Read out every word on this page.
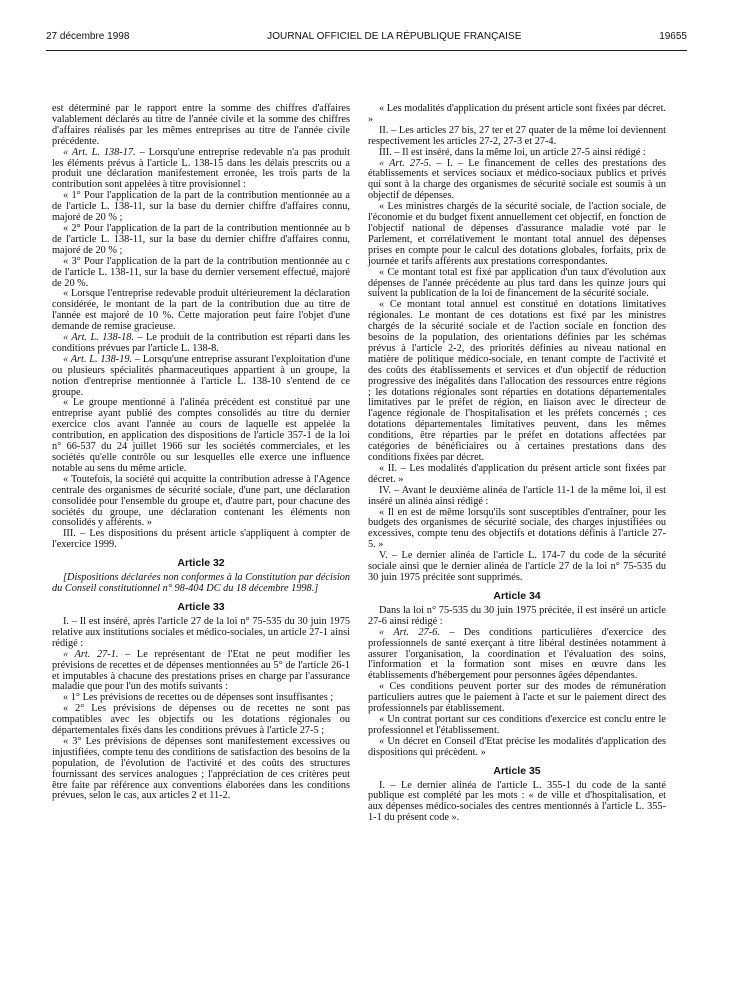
27 décembre 1998	JOURNAL OFFICIEL DE LA RÉPUBLIQUE FRANÇAISE	19655

est déterminé par le rapport entre la somme des chiffres d'affaires valablement déclarés au titre de l'année civile et la somme des chiffres d'affaires réalisés par les mêmes entreprises au titre de l'année civile précédente.

« Art. L. 138-17. – Lorsqu'une entreprise redevable n'a pas produit les éléments prévus à l'article L. 138-15 dans les délais prescrits ou a produit une déclaration manifestement erronée, les trois parts de la contribution sont appelées à titre provisionnel :

« 1° Pour l'application de la part de la contribution mentionnée au a de l'article L. 138-11, sur la base du dernier chiffre d'affaires connu, majoré de 20 % ;

« 2° Pour l'application de la part de la contribution mentionnée au b de l'article L. 138-11, sur la base du dernier chiffre d'affaires connu, majoré de 20 % ;

« 3° Pour l'application de la part de la contribution mentionnée au c de l'article L. 138-11, sur la base du dernier versement effectué, majoré de 20 %.

« Lorsque l'entreprise redevable produit ultérieurement la déclaration considérée, le montant de la part de la contribution due au titre de l'année est majoré de 10 %. Cette majoration peut faire l'objet d'une demande de remise gracieuse.

« Art. L. 138-18. – Le produit de la contribution est réparti dans les conditions prévues par l'article L. 138-8.

« Art. L. 138-19. – Lorsqu'une entreprise assurant l'exploitation d'une ou plusieurs spécialités pharmaceutiques appartient à un groupe, la notion d'entreprise mentionnée à l'article L. 138-10 s'entend de ce groupe.

« Le groupe mentionné à l'alinéa précédent est constitué par une entreprise ayant publié des comptes consolidés au titre du dernier exercice clos avant l'année au cours de laquelle est appelée la contribution, en application des dispositions de l'article 357-1 de la loi n° 66-537 du 24 juillet 1966 sur les sociétés commerciales, et les sociétés qu'elle contrôle ou sur lesquelles elle exerce une influence notable au sens du même article.

« Toutefois, la société qui acquitte la contribution adresse à l'Agence centrale des organismes de sécurité sociale, d'une part, une déclaration consolidée pour l'ensemble du groupe et, d'autre part, pour chacune des sociétés du groupe, une déclaration contenant les éléments non consolidés y afférents. »

III. – Les dispositions du présent article s'appliquent à compter de l'exercice 1999.

Article 32

[Dispositions déclarées non conformes à la Constitution par décision du Conseil constitutionnel n° 98-404 DC du 18 décembre 1998.]

Article 33

I. – Il est inséré, après l'article 27 de la loi n° 75-535 du 30 juin 1975 relative aux institutions sociales et médico-sociales, un article 27-1 ainsi rédigé :

« Art. 27-1. – Le représentant de l'Etat ne peut modifier les prévisions de recettes et de dépenses mentionnées au 5° de l'article 26-1 et imputables à chacune des prestations prises en charge par l'assurance maladie que pour l'un des motifs suivants :

« 1° Les prévisions de recettes ou de dépenses sont insuffisantes ;

« 2° Les prévisions de dépenses ou de recettes ne sont pas compatibles avec les objectifs ou les dotations régionales ou départementales fixés dans les conditions prévues à l'article 27-5 ;

« 3° Les prévisions de dépenses sont manifestement excessives ou injustifiées, compte tenu des conditions de satisfaction des besoins de la population, de l'évolution de l'activité et des coûts des structures fournissant des services analogues ; l'appréciation de ces critères peut être faite par référence aux conventions élaborées dans les conditions prévues, selon le cas, aux articles 2 et 11-2.

« Les modalités d'application du présent article sont fixées par décret. »

II. – Les articles 27 bis, 27 ter et 27 quater de la même loi deviennent respectivement les articles 27-2, 27-3 et 27-4.

III. – Il est inséré, dans la même loi, un article 27-5 ainsi rédigé :

« Art. 27-5. – I. – Le financement de celles des prestations des établissements et services sociaux et médico-sociaux publics et privés qui sont à la charge des organismes de sécurité sociale est soumis à un objectif de dépenses.

« Les ministres chargés de la sécurité sociale, de l'action sociale, de l'économie et du budget fixent annuellement cet objectif, en fonction de l'objectif national de dépenses d'assurance maladie voté par le Parlement, et corrélativement le montant total annuel des dépenses prises en compte pour le calcul des dotations globales, forfaits, prix de journée et tarifs afférents aux prestations correspondantes.

« Ce montant total est fixé par application d'un taux d'évolution aux dépenses de l'année précédente au plus tard dans les quinze jours qui suivent la publication de la loi de financement de la sécurité sociale.

« Ce montant total annuel est constitué en dotations limitatives régionales. Le montant de ces dotations est fixé par les ministres chargés de la sécurité sociale et de l'action sociale en fonction des besoins de la population, des orientations définies par les schémas prévus à l'article 2-2, des priorités définies au niveau national en matière de politique médico-sociale, en tenant compte de l'activité et des coûts des établissements et services et d'un objectif de réduction progressive des inégalités dans l'allocation des ressources entre régions ; les dotations régionales sont réparties en dotations départementales limitatives par le préfet de région, en liaison avec le directeur de l'agence régionale de l'hospitalisation et les préfets concernés ; ces dotations départementales limitatives peuvent, dans les mêmes conditions, être réparties par le préfet en dotations affectées par catégories de bénéficiaires ou à certaines prestations dans des conditions fixées par décret.

« II. – Les modalités d'application du présent article sont fixées par décret. »

IV. – Avant le deuxième alinéa de l'article 11-1 de la même loi, il est inséré un alinéa ainsi rédigé :

« Il en est de même lorsqu'ils sont susceptibles d'entraîner, pour les budgets des organismes de sécurité sociale, des charges injustifiées ou excessives, compte tenu des objectifs et dotations définis à l'article 27-5. »

V. – Le dernier alinéa de l'article L. 174-7 du code de la sécurité sociale ainsi que le dernier alinéa de l'article 27 de la loi n° 75-535 du 30 juin 1975 précitée sont supprimés.

Article 34

Dans la loi n° 75-535 du 30 juin 1975 précitée, il est inséré un article 27-6 ainsi rédigé :

« Art. 27-6. – Des conditions particulières d'exercice des professionnels de santé exerçant à titre libéral destinées notamment à assurer l'organisation, la coordination et l'évaluation des soins, l'information et la formation sont mises en œuvre dans les établissements d'hébergement pour personnes âgées dépendantes.

« Ces conditions peuvent porter sur des modes de rémunération particuliers autres que le paiement à l'acte et sur le paiement direct des professionnels par établissement.

« Un contrat portant sur ces conditions d'exercice est conclu entre le professionnel et l'établissement.

« Un décret en Conseil d'Etat précise les modalités d'application des dispositions qui précèdent. »

Article 35

I. – Le dernier alinéa de l'article L. 355-1 du code de la santé publique est complété par les mots : « de ville et d'hospitalisation, et aux dépenses médico-sociales des centres mentionnés à l'article L. 355-1-1 du présent code ».
